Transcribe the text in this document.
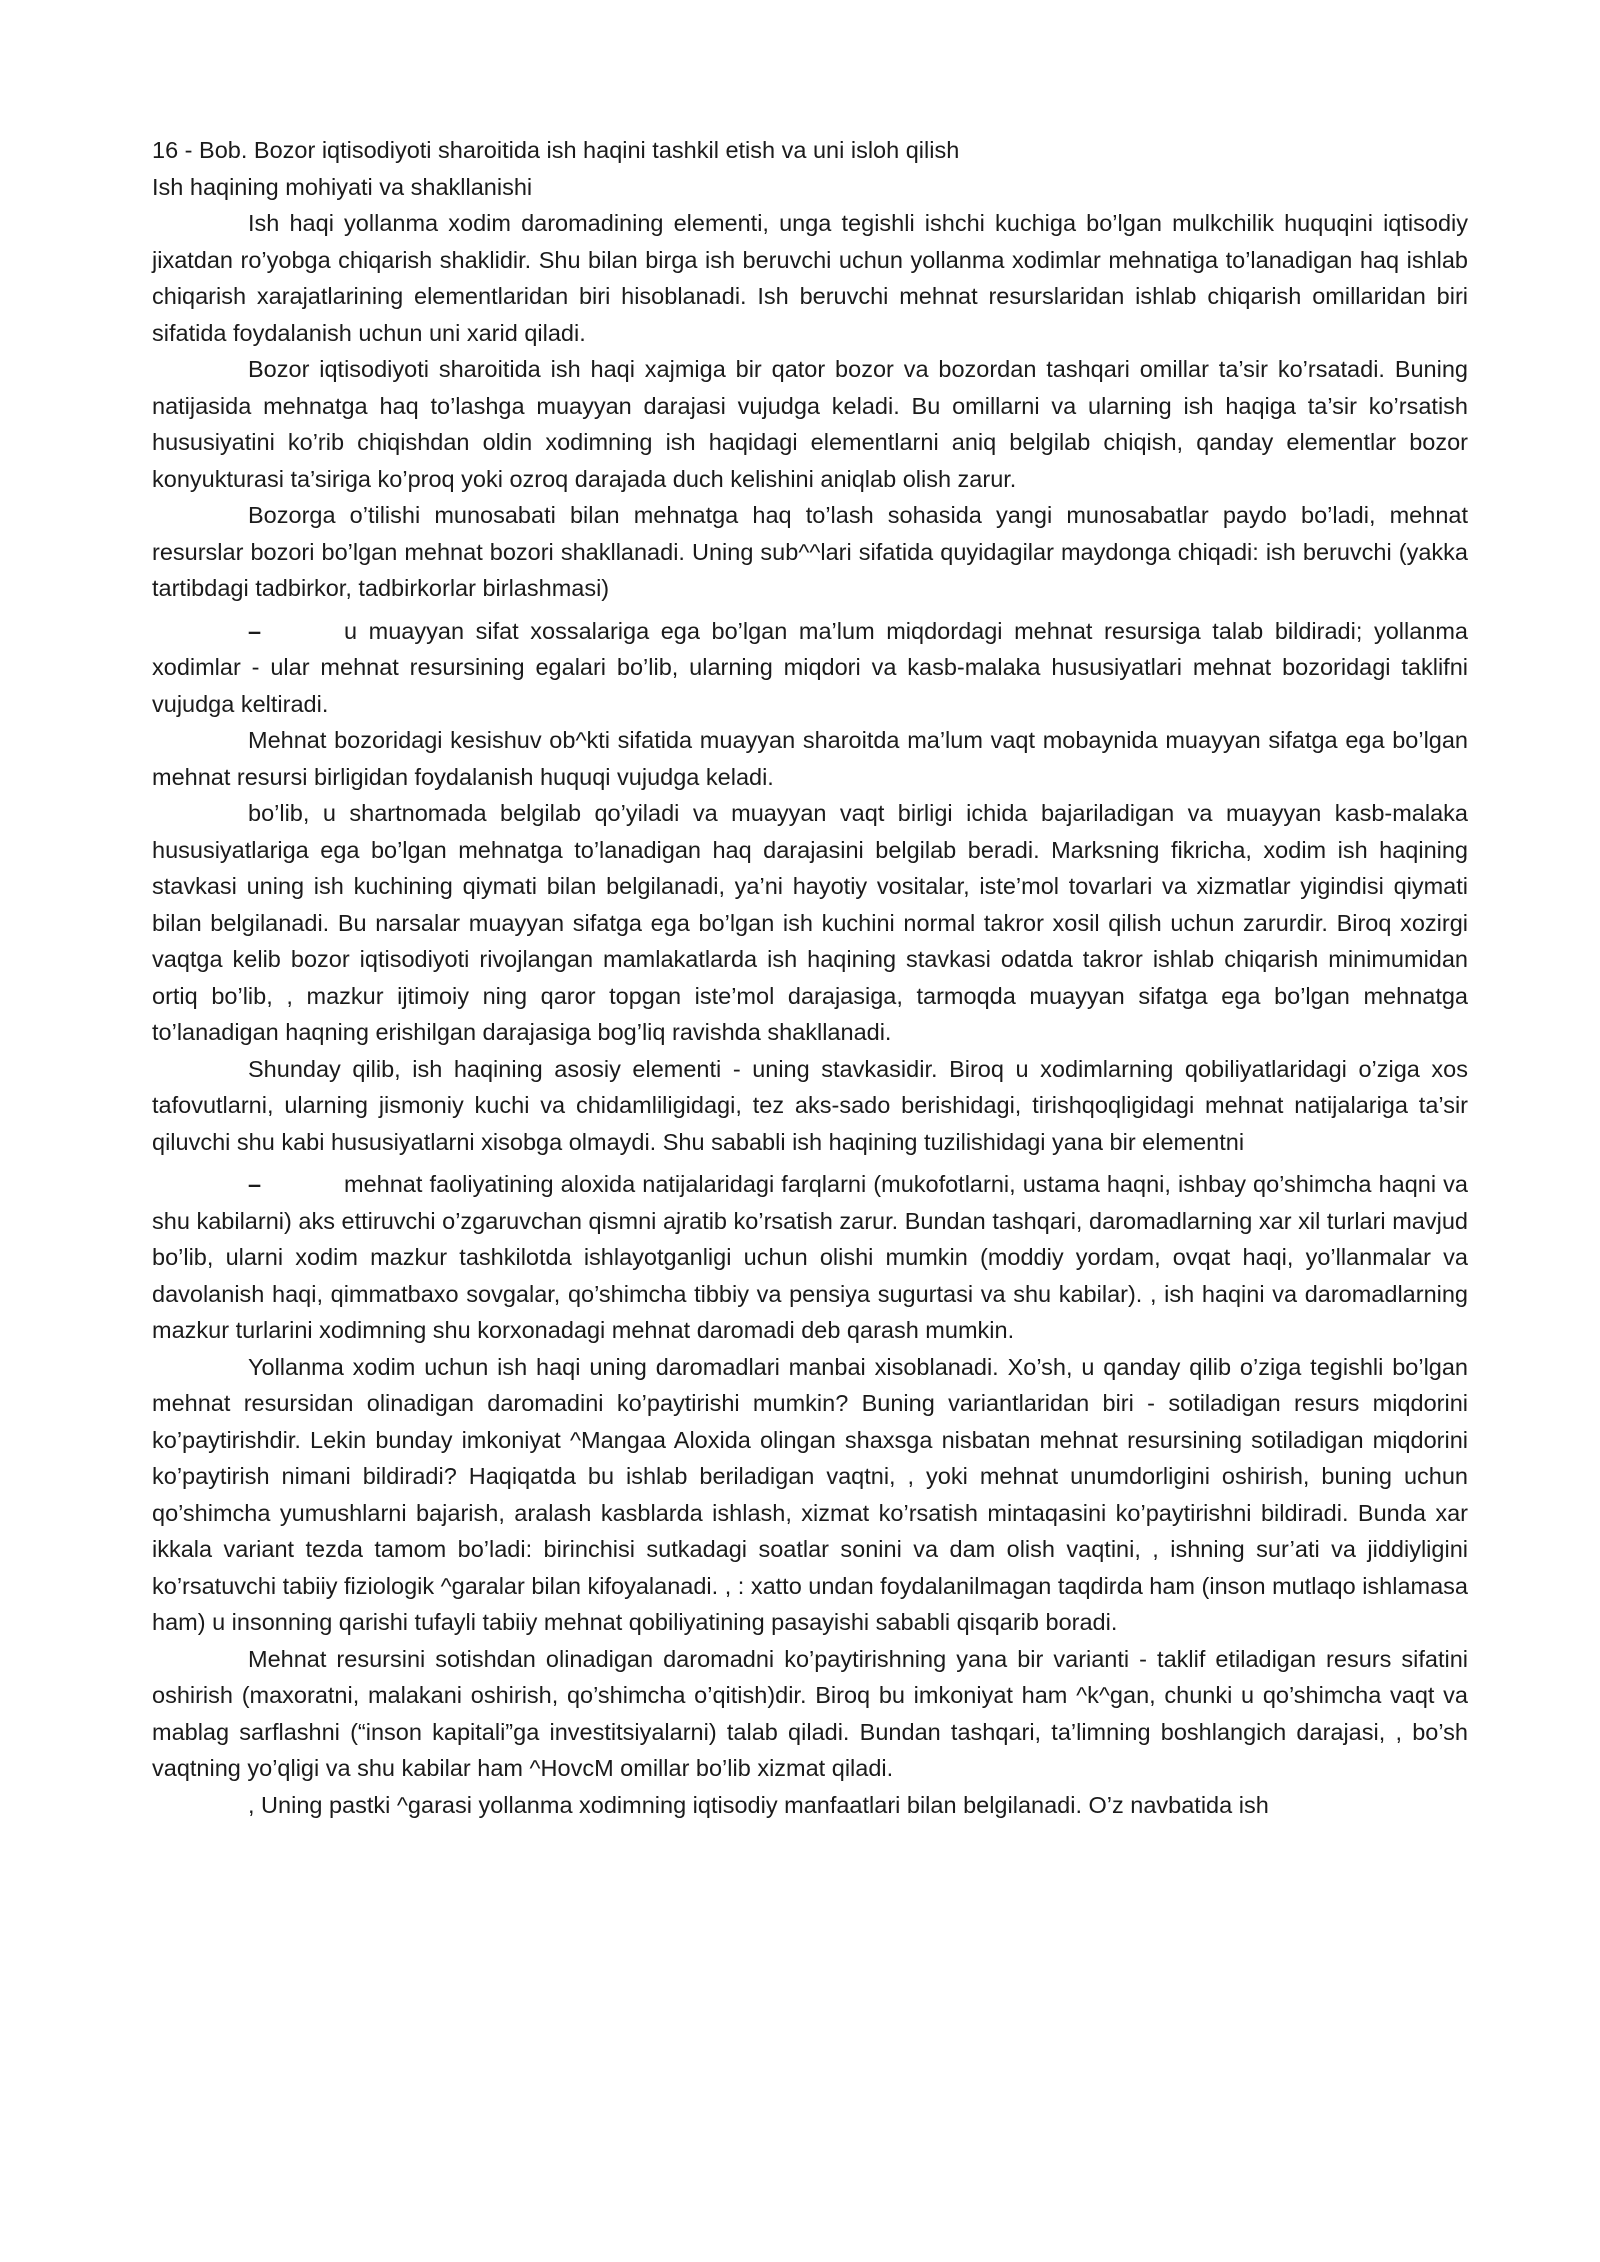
16 - Bob. Bozor iqtisodiyoti sharoitida ish haqini tashkil etish va uni isloh qilish

Ish haqining mohiyati va shakllanishi

Ish haqi yollanma xodim daromadining elementi, unga tegishli ishchi kuchiga bo’lgan mulkchilik huquqini iqtisodiy jixatdan ro’yobga chiqarish shaklidir. Shu bilan birga ish beruvchi uchun yollanma xodimlar mehnatiga to’lanadigan haq ishlab chiqarish xarajatlarining elementlaridan biri hisoblanadi. Ish beruvchi mehnat resurslaridan ishlab chiqarish omillaridan biri sifatida foydalanish uchun uni xarid qiladi.

Bozor iqtisodiyoti sharoitida ish haqi xajmiga bir qator bozor va bozordan tashqari omillar ta’sir ko’rsatadi. Buning natijasida mehnatga haq to’lashga muayyan darajasi vujudga keladi. Bu omillarni va ularning ish haqiga ta’sir ko’rsatish hususiyatini ko’rib chiqishdan oldin xodimning ish haqidagi elementlarni aniq belgilab chiqish, qanday elementlar bozor konyukturasi ta’siriga ko’proq yoki ozroq darajada duch kelishini aniqlab olish zarur.

Bozorga o’tilishi munosabati bilan mehnatga haq to’lash sohasida yangi munosabatlar paydo bo’ladi, mehnat resurslar bozori bo’lgan mehnat bozori shakllanadi. Uning sub^^lari sifatida quyidagilar maydonga chiqadi: ish beruvchi (yakka tartibdagi tadbirkor, tadbirkorlar birlashmasi)

–	u muayyan sifat xossalariga ega bo’lgan ma’lum miqdordagi mehnat resursiga talab bildiradi; yollanma xodimlar - ular mehnat resursining egalari bo’lib, ularning miqdori va kasb-malaka hususiyatlari mehnat bozoridagi taklifni vujudga keltiradi.

Mehnat bozoridagi kesishuv ob^kti sifatida muayyan sharoitda ma’lum vaqt mobaynida muayyan sifatga ega bo’lgan mehnat resursi birligidan foydalanish huquqi vujudga keladi.

bo’lib, u shartnomada belgilab qo’yiladi va muayyan vaqt birligi ichida bajariladigan va muayyan kasb-malaka hususiyatlariga ega bo’lgan mehnatga to’lanadigan haq darajasini belgilab beradi. Marksning fikricha, xodim ish haqining stavkasi uning ish kuchining qiymati bilan belgilanadi, ya’ni hayotiy vositalar, iste’mol tovarlari va xizmatlar yigindisi qiymati bilan belgilanadi. Bu narsalar muayyan sifatga ega bo’lgan ish kuchini normal takror xosil qilish uchun zarurdir. Biroq xozirgi vaqtga kelib bozor iqtisodiyoti rivojlangan mamlakatlarda ish haqining stavkasi odatda takror ishlab chiqarish minimumidan ortiq bo’lib, , mazkur ijtimoiy ning qaror topgan iste’mol darajasiga, tarmoqda muayyan sifatga ega bo’lgan mehnatga to’lanadigan haqning erishilgan darajasiga bog’liq ravishda shakllanadi.

Shunday qilib, ish haqining asosiy elementi - uning stavkasidir. Biroq u xodimlarning qobiliyatlaridagi o’ziga xos tafovutlarni, ularning jismoniy kuchi va chidamliligidagi, tez aks-sado berishidagi, tirishqoqligidagi mehnat natijalariga ta’sir qiluvchi shu kabi hususiyatlarni xisobga olmaydi. Shu sababli ish haqining tuzilishidagi yana bir elementni

–	mehnat faoliyatining aloxida natijalaridagi farqlarni (mukofotlarni, ustama haqni, ishbay qo’shimcha haqni va shu kabilarni) aks ettiruvchi o’zgaruvchan qismni ajratib ko’rsatish zarur. Bundan tashqari, daromadlarning xar xil turlari mavjud bo’lib, ularni xodim mazkur tashkilotda ishlayotganligi uchun olishi mumkin (moddiy yordam, ovqat haqi, yo’llanmalar va davolanish haqi, qimmatbaxo sovgalar, qo’shimcha tibbiy va pensiya sugurtasi va shu kabilar). , ish haqini va daromadlarning mazkur turlarini xodimning shu korxonadagi mehnat daromadi deb qarash mumkin.

Yollanma xodim uchun ish haqi uning daromadlari manbai xisoblanadi. Xo’sh, u qanday qilib o’ziga tegishli bo’lgan mehnat resursidan olinadigan daromadini ko’paytirishi mumkin? Buning variantlaridan biri - sotiladigan resurs miqdorini ko’paytirishdir. Lekin bunday imkoniyat ^Mangaa Aloxida olingan shaxsga nisbatan mehnat resursining sotiladigan miqdorini ko’paytirish nimani bildiradi? Haqiqatda bu ishlab beriladigan vaqtni, , yoki mehnat unumdorligini oshirish, buning uchun qo’shimcha yumushlarni bajarish, aralash kasblarda ishlash, xizmat ko’rsatish mintaqasini ko’paytirishni bildiradi. Bunda xar ikkala variant tezda tamom bo’ladi: birinchisi sutkadagi soatlar sonini va dam olish vaqtini, , ishning sur’ati va jiddiyligini ko’rsatuvchi tabiiy fiziologik ^garalar bilan kifoyalanadi. , : xatto undan foydalanilmagan taqdirda ham (inson mutlaqo ishlamasa ham) u insonning qarishi tufayli tabiiy mehnat qobiliyatining pasayishi sababli qisqarib boradi.

Mehnat resursini sotishdan olinadigan daromadni ko’paytirishning yana bir varianti - taklif etiladigan resurs sifatini oshirish (maxoratni, malakani oshirish, qo’shimcha o’qitish)dir. Biroq bu imkoniyat ham ^k^gan, chunki u qo’shimcha vaqt va mablag sarflashni (“inson kapitali”ga investitsiyalarni) talab qiladi. Bundan tashqari, ta’limning boshlangich darajasi, , bo’sh vaqtning yo’qligi va shu kabilar ham ^HovcM omillar bo’lib xizmat qiladi.

, Uning pastki ^garasi yollanma xodimning iqtisodiy manfaatlari bilan belgilanadi. O’z navbatida ish
